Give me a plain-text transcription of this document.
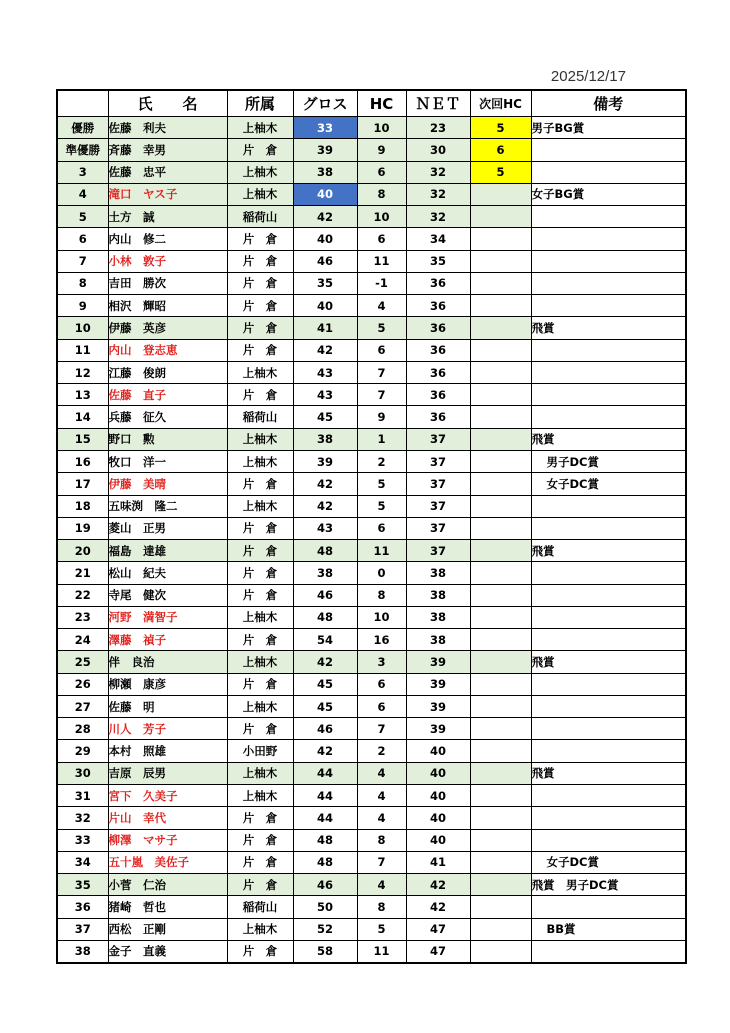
2025/12/17
	氏　　名	所属	グロス	HC	ＮＥＴ	次回HC	備考
優勝	佐藤　利夫	上柚木	33	10	23	5	男子BG賞
準優勝	斉藤　幸男	片　倉	39	9	30	6	
3	佐藤　忠平	上柚木	38	6	32	5	
4	滝口　ヤス子	上柚木	40	8	32		女子BG賞
5	土方　誠	稲荷山	42	10	32		
6	内山　修二	片　倉	40	6	34		
7	小林　敦子	片　倉	46	11	35		
8	吉田　勝次	片　倉	35	-1	36		
9	相沢　輝昭	片　倉	40	4	36		
10	伊藤　英彦	片　倉	41	5	36		飛賞
11	内山　登志恵	片　倉	42	6	36		
12	江藤　俊朗	上柚木	43	7	36		
13	佐藤　直子	片　倉	43	7	36		
14	兵藤　征久	稲荷山	45	9	36		
15	野口　勲	上柚木	38	1	37		飛賞
16	牧口　洋一	上柚木	39	2	37		男子DC賞
17	伊藤　美晴	片　倉	42	5	37		女子DC賞
18	五味渕　隆二	上柚木	42	5	37		
19	菱山　正男	片　倉	43	6	37		
20	福島　達雄	片　倉	48	11	37		飛賞
21	松山　紀夫	片　倉	38	0	38		
22	寺尾　健次	片　倉	46	8	38		
23	河野　満智子	上柚木	48	10	38		
24	澤藤　禎子	片　倉	54	16	38		
25	伴　良治	上柚木	42	3	39		飛賞
26	柳瀬　康彦	片　倉	45	6	39		
27	佐藤　明	上柚木	45	6	39		
28	川人　芳子	片　倉	46	7	39		
29	本村　照雄	小田野	42	2	40		
30	吉原　辰男	上柚木	44	4	40		飛賞
31	宮下　久美子	上柚木	44	4	40		
32	片山　幸代	片　倉	44	4	40		
33	柳澤　マサ子	片　倉	48	8	40		
34	五十嵐　美佐子	片　倉	48	7	41		女子DC賞
35	小菅　仁治	片　倉	46	4	42		飛賞　男子DC賞
36	猪崎　哲也	稲荷山	50	8	42		
37	西松　正剛	上柚木	52	5	47		BB賞
38	金子　直義	片　倉	58	11	47		
